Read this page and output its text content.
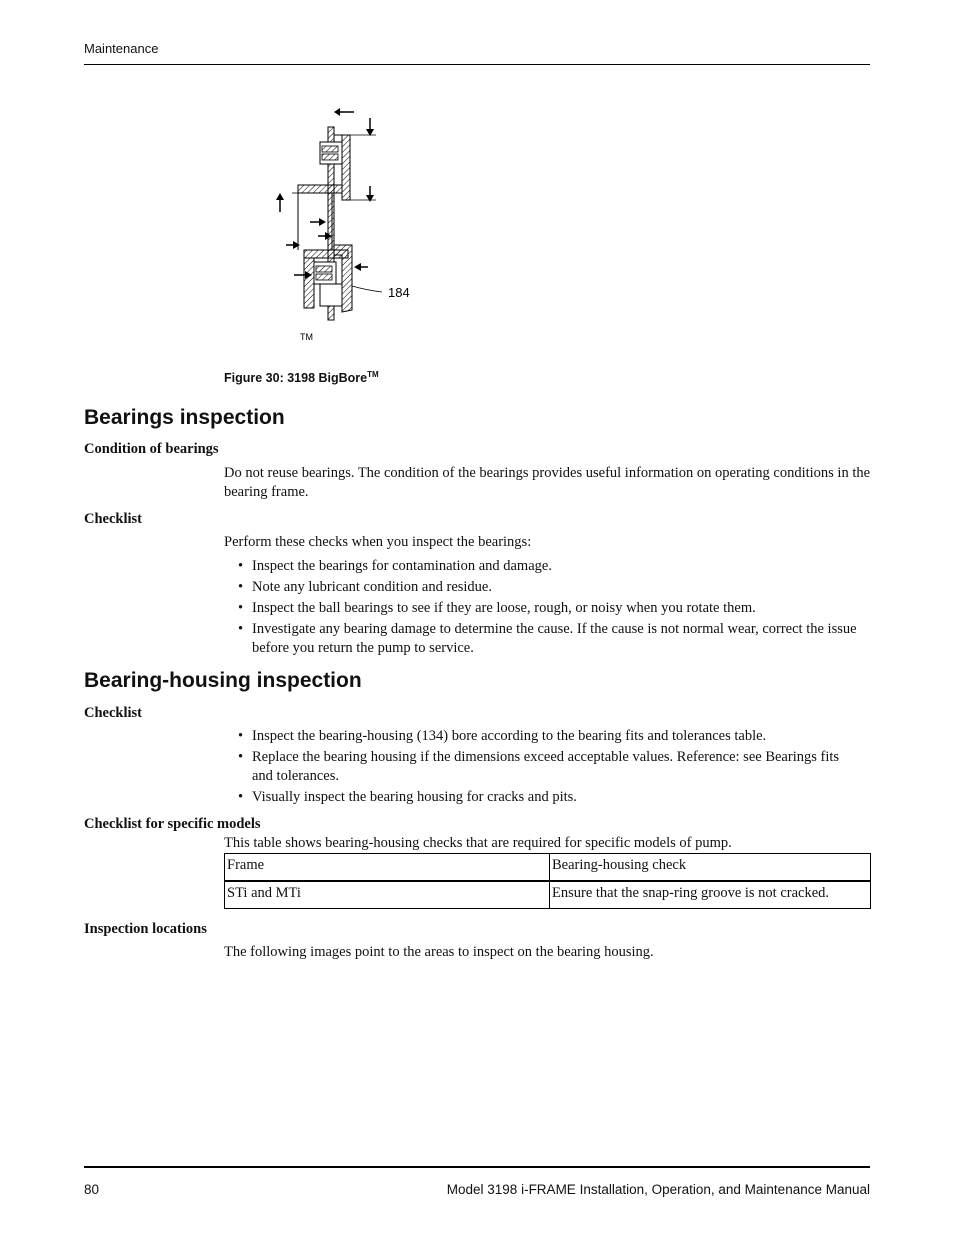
Maintenance
184
TM
Figure 30: 3198 BigBore™
Bearings inspection
Condition of bearings

Do not reuse bearings. The condition of the bearings provides useful information on operating conditions in the bearing frame.

Checklist

Perform these checks when you inspect the bearings:

• Inspect the bearings for contamination and damage.
• Note any lubricant condition and residue.
• Inspect the ball bearings to see if they are loose, rough, or noisy when you rotate them.
• Investigate any bearing damage to determine the cause. If the cause is not normal wear, correct the issue before you return the pump to service.
Bearing-housing inspection
Checklist
• Inspect the bearing-housing (134) bore according to the bearing fits and tolerances table.
• Replace the bearing housing if the dimensions exceed acceptable values. Reference: see Bearings fits and tolerances.
• Visually inspect the bearing housing for cracks and pits.
Checklist for specific models

This table shows bearing-housing checks that are required for specific models of pump.

Frame	Bearing-housing check
STi and MTi	Ensure that the snap-ring groove is not cracked.
Inspection locations

The following images point to the areas to inspect on the bearing housing.

80	Model 3198 i-FRAME Installation, Operation, and Maintenance Manual
